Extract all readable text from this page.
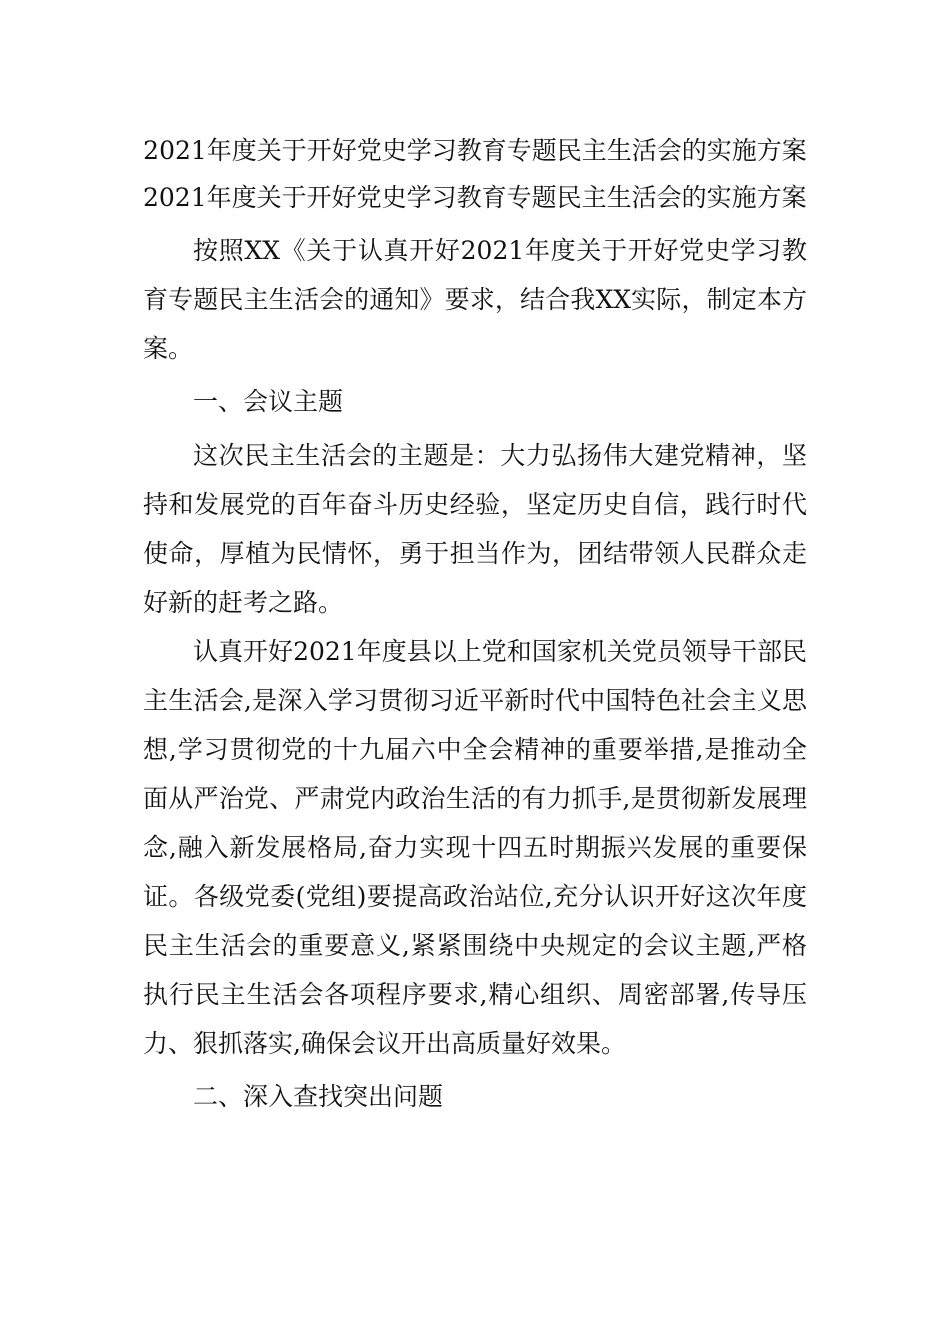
2021年度关于开好党史学习教育专题民主生活会的实施方案
2021年度关于开好党史学习教育专题民主生活会的实施方案

按照XX《关于认真开好2021年度关于开好党史学习教育专题民主生活会的通知》要求，结合我XX实际，制定本方案。

一、会议主题

这次民主生活会的主题是：大力弘扬伟大建党精神，坚持和发展党的百年奋斗历史经验，坚定历史自信，践行时代使命，厚植为民情怀，勇于担当作为，团结带领人民群众走好新的赶考之路。

认真开好2021年度县以上党和国家机关党员领导干部民主生活会,是深入学习贯彻习近平新时代中国特色社会主义思想,学习贯彻党的十九届六中全会精神的重要举措,是推动全面从严治党、严肃党内政治生活的有力抓手,是贯彻新发展理念,融入新发展格局,奋力实现十四五时期振兴发展的重要保证。各级党委(党组)要提高政治站位,充分认识开好这次年度民主生活会的重要意义,紧紧围绕中央规定的会议主题,严格执行民主生活会各项程序要求,精心组织、周密部署,传导压力、狠抓落实,确保会议开出高质量好效果。

二、深入查找突出问题
